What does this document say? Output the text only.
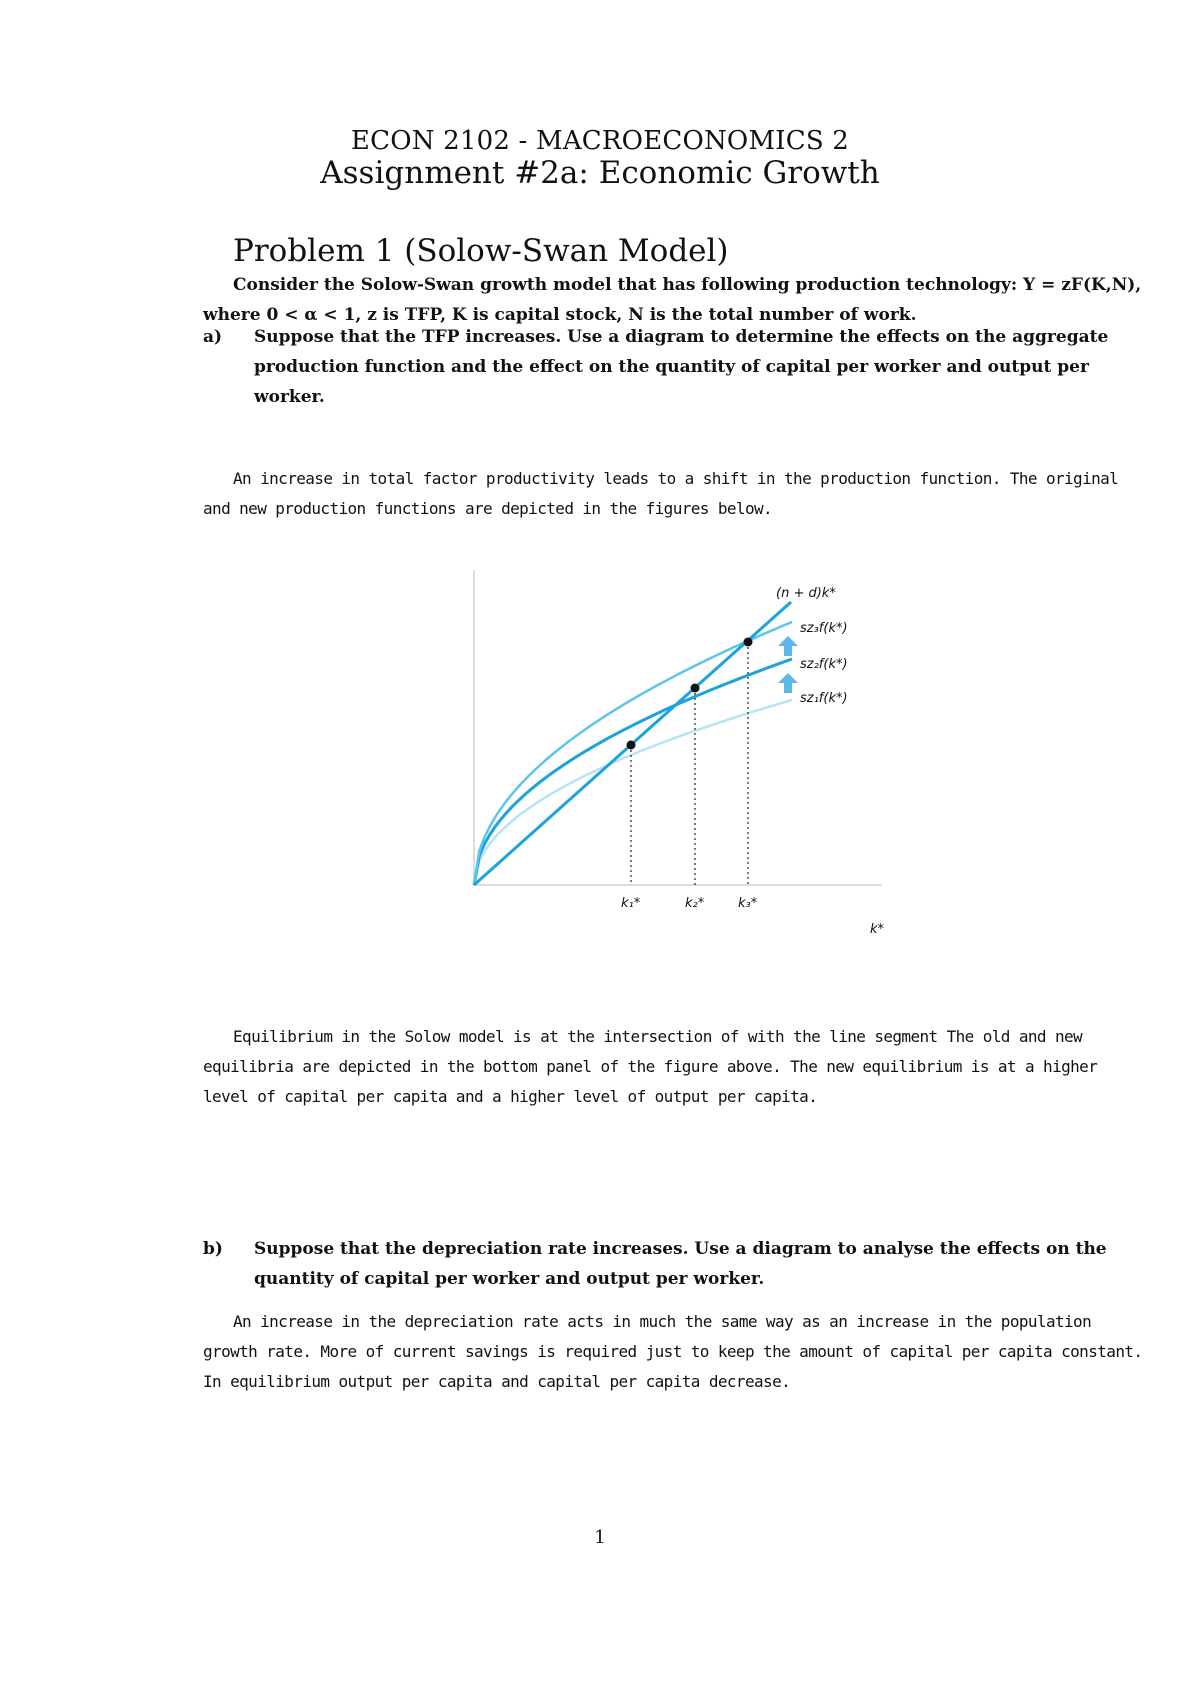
ECON 2102 - MACROECONOMICS 2
Assignment #2a: Economic Growth
Problem 1 (Solow-Swan Model)
Consider the Solow-Swan growth model that has following production technology: Y = zF(K,N), where 0 < α < 1, z is TFP, K is capital stock, N is the total number of work.
a) Suppose that the TFP increases. Use a diagram to determine the effects on the aggregate production function and the effect on the quantity of capital per worker and output per worker.
An increase in total factor productivity leads to a shift in the production function. The original and new production functions are depicted in the figures below.
(n + d)k*
sz₃f(k*)
sz₂f(k*)
sz₁f(k*)
k₁*	k₂*	k₃*
k*
Equilibrium in the Solow model is at the intersection of with the line segment The old and new equilibria are depicted in the bottom panel of the figure above. The new equilibrium is at a higher level of capital per capita and a higher level of output per capita.
b) Suppose that the depreciation rate increases. Use a diagram to analyse the effects on the quantity of capital per worker and output per worker.
An increase in the depreciation rate acts in much the same way as an increase in the population growth rate. More of current savings is required just to keep the amount of capital per capita constant. In equilibrium output per capita and capital per capita decrease.
1
